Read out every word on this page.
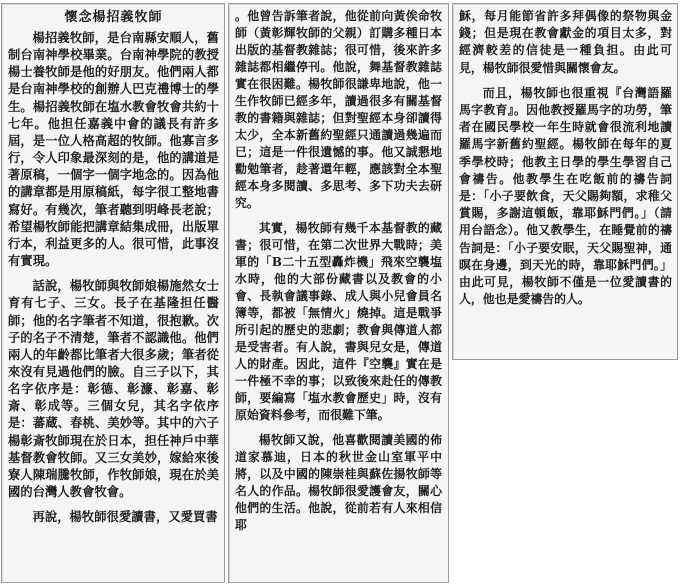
懷念楊招義牧師

楊招義牧師，是台南縣安順人，舊制台南神學校畢業。台南神學院的教授楊士養牧師是他的好朋友。他們兩人都是台南神學校的創辦人巴克禮博士的學生。楊招義牧師在塩水教會牧會共約十七年。他担任嘉義中會的議長有許多屆，是一位人格高超的牧師。他寡言多行，令人印象最深刻的是，他的講道是著原稿，一個字一個字地念的。因為他的講章都是用原稿紙，每字很工整地書寫好。有幾次，筆者聽到明峰長老說；希望楊牧師能把講章結集成冊，出版單行本，利益更多的人。很可惜，此事沒有實現。

話說，楊牧師與牧師娘楊施然女士育有七子、三女。長子在基隆担任醫師；他的名字筆者不知道，很抱歉。次子的名子不清楚，筆者不認識他。他們兩人的年齡都比筆者大很多歲；筆者從來沒有見過他們的臉。自三子以下，其名字依序是：彰德、彰濂、彰嘉、彰斎、彰成等。三個女兒，其名字依序是：蕃蔵、春桃、美妙等。其中的六子楊彰斎牧師現在於日本，担任神戶中華基督教會牧師。又三女美妙，嫁給來後寮人陳瑞騰牧師，作牧師娘，現在於美國的台灣人教會牧會。

再說，楊牧師很愛讀書，又愛買書

。他曾告訴筆者說，他從前向黃俟命牧師（黃彰輝牧師的父親）訂購多種日本出版的基督教雜誌；很可惜，後來許多雜誌都相繼停刊。他說，舞基督教雜誌實在很困難。楊牧師很謙卑地說，他一生作牧師已經多年，讀過很多有關基督教的書籍與雜誌；但對聖經本身卻讀得太少，全本新舊約聖經只通讀過幾遍而已；這是一件很遺憾的事。他又誠懇地勸勉筆者，趁著還年輕，應該對全本聖經本身多閱讀、多思考、多下功夫去研究。

其實，楊牧師有幾千本基督教的藏書；很可惜，在第二次世界大戰時；美軍的「B二十五型轟炸機」飛來空襲塩水時，他的大部份藏書以及教會的小會、長執會議事錄、成人與小兒會員名簿等，都被「無情火」燒掉。這是戰爭所引起的歷史的悲劇；教會與傳道人都是受害者。有人說，書與兒女是，傳道人的財產。因此，這件『空襲』實在是一件極不幸的事；以致後來赴任的傳教師，要編寫「塩水教會歷史」時，沒有原始資料參考，而很難下筆。

楊牧師又說，他喜歡閱讀美國的佈道家慕迪，日本的秋世金山室軍平中將，以及中國的陳崇桂與蘇佐揚牧師等名人的作品。楊牧師很愛護會友，關心他們的生活。他說，從前若有人來相信耶

穌，每月能節省許多拜偶像的祭物與金錢；但是現在教會獻金的項目太多，對經濟較差的信徒是一種負担。由此可見，楊牧師很愛惜與關懷會友。

而且，楊牧師也很重視『台灣語羅馬字教育』。因他教授羅馬字的功勞，筆者在國民學校一年生時就會很流利地讀羅馬字新舊約聖經。楊牧師在每年的夏季學校時；他教主日學的學生學習自己會禱告。他教學生在吃飯前的禱告詞是：「小子要飲食，天父賜夠額，求稚父賞賜，多謝這頓飯，靠耶穌門們。」（請用台語念）。他又教學生，在睡覺前的禱告詞是：「小子要安眠，天父賜聖神，通暝在身邊，到天光的時，靠耶穌門們。」由此可見，楊牧師不僅是一位愛讀書的人，他也是愛禱告的人。
